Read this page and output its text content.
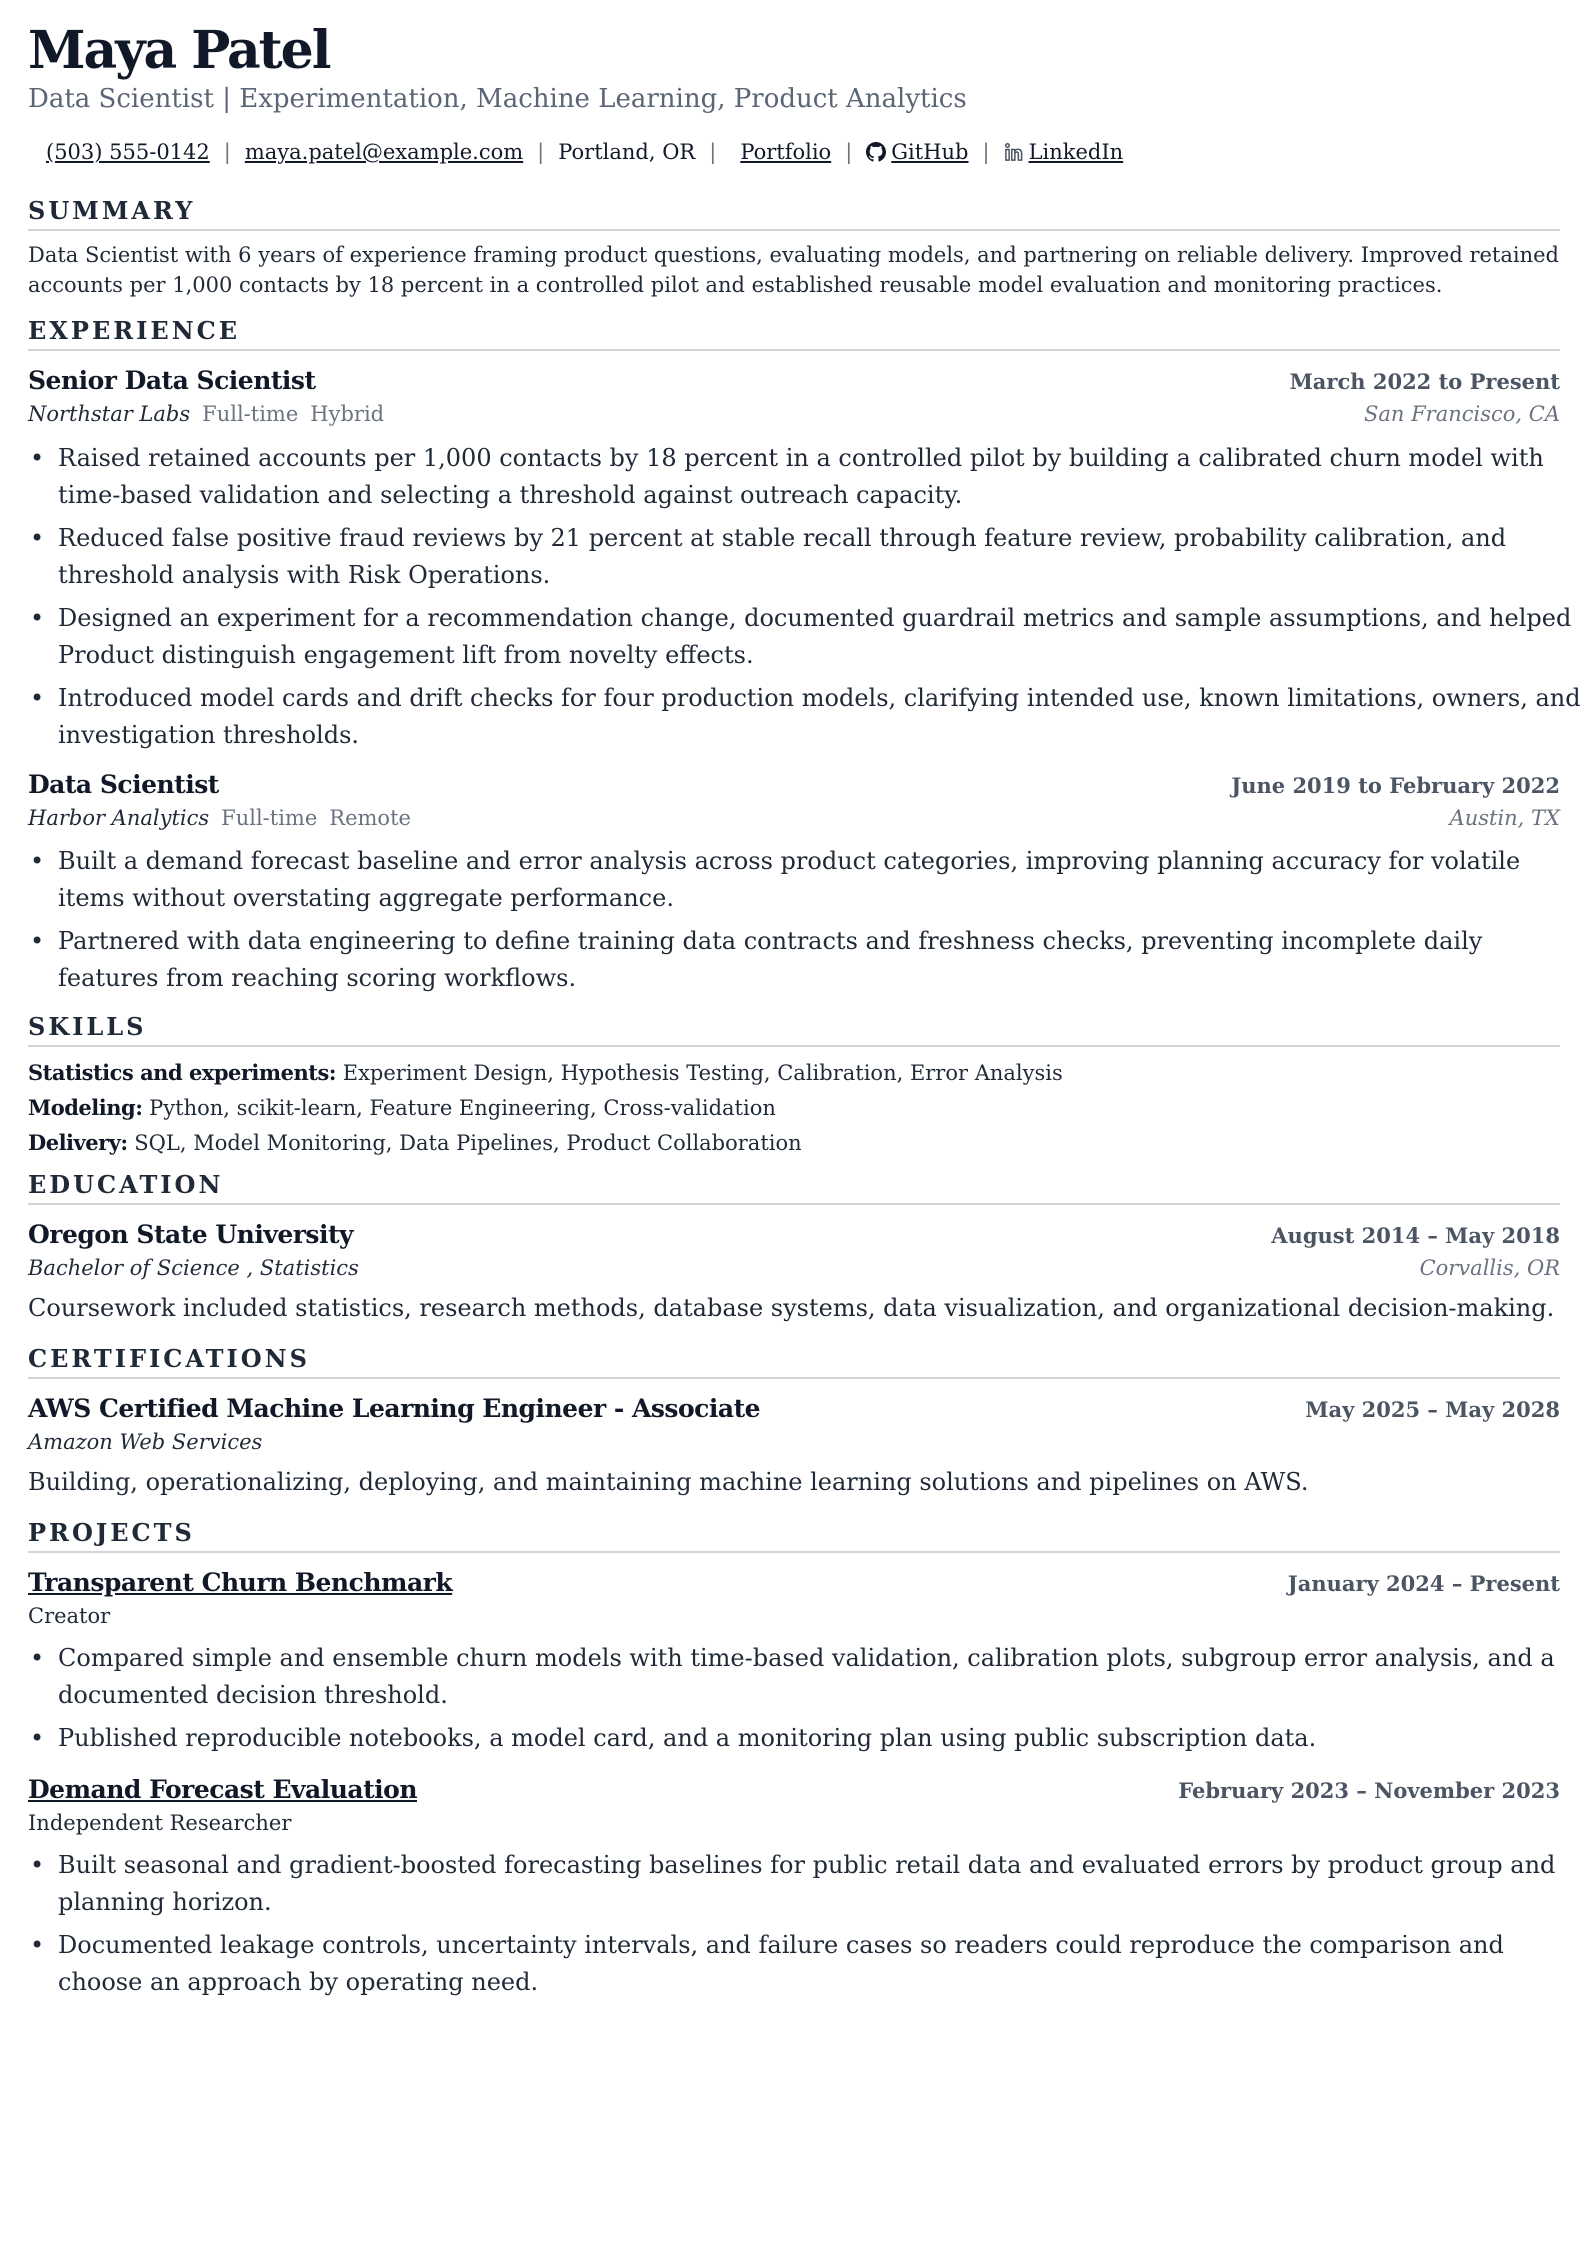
Maya Patel
Data Scientist | Experimentation, Machine Learning, Product Analytics
(503) 555-0142 | maya.patel@example.com | Portland, OR | Portfolio | GitHub | LinkedIn
SUMMARY
Data Scientist with 6 years of experience framing product questions, evaluating models, and partnering on reliable delivery. Improved retained accounts per 1,000 contacts by 18 percent in a controlled pilot and established reusable model evaluation and monitoring practices.
EXPERIENCE
Senior Data Scientist	March 2022 to Present
Northstar Labs Full-time Hybrid	San Francisco, CA
• Raised retained accounts per 1,000 contacts by 18 percent in a controlled pilot by building a calibrated churn model with time-based validation and selecting a threshold against outreach capacity.
• Reduced false positive fraud reviews by 21 percent at stable recall through feature review, probability calibration, and threshold analysis with Risk Operations.
• Designed an experiment for a recommendation change, documented guardrail metrics and sample assumptions, and helped Product distinguish engagement lift from novelty effects.
• Introduced model cards and drift checks for four production models, clarifying intended use, known limitations, owners, and investigation thresholds.
Data Scientist	June 2019 to February 2022
Harbor Analytics Full-time Remote	Austin, TX
• Built a demand forecast baseline and error analysis across product categories, improving planning accuracy for volatile items without overstating aggregate performance.
• Partnered with data engineering to define training data contracts and freshness checks, preventing incomplete daily features from reaching scoring workflows.
SKILLS
Statistics and experiments: Experiment Design, Hypothesis Testing, Calibration, Error Analysis
Modeling: Python, scikit-learn, Feature Engineering, Cross-validation
Delivery: SQL, Model Monitoring, Data Pipelines, Product Collaboration
EDUCATION
Oregon State University	August 2014 – May 2018
Bachelor of Science , Statistics	Corvallis, OR
Coursework included statistics, research methods, database systems, data visualization, and organizational decision-making.
CERTIFICATIONS
AWS Certified Machine Learning Engineer - Associate	May 2025 – May 2028
Amazon Web Services
Building, operationalizing, deploying, and maintaining machine learning solutions and pipelines on AWS.
PROJECTS
Transparent Churn Benchmark	January 2024 – Present
Creator
• Compared simple and ensemble churn models with time-based validation, calibration plots, subgroup error analysis, and a documented decision threshold.
• Published reproducible notebooks, a model card, and a monitoring plan using public subscription data.
Demand Forecast Evaluation	February 2023 – November 2023
Independent Researcher
• Built seasonal and gradient-boosted forecasting baselines for public retail data and evaluated errors by product group and planning horizon.
• Documented leakage controls, uncertainty intervals, and failure cases so readers could reproduce the comparison and choose an approach by operating need.
